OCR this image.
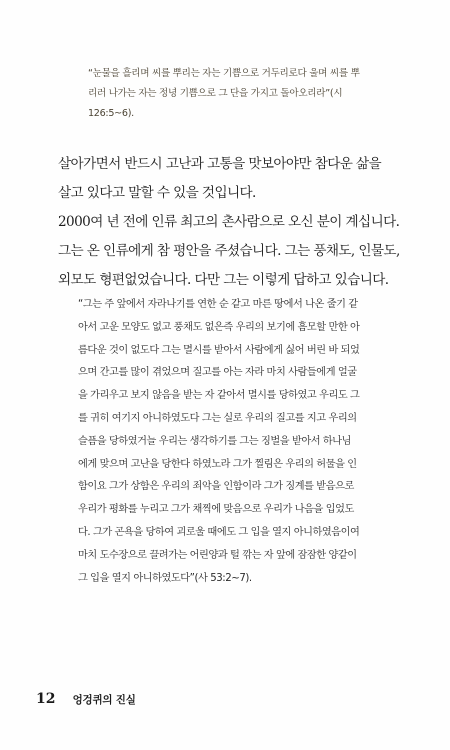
“눈물을 흘리며 씨를 뿌리는 자는 기쁨으로 거두리로다 울며 씨를 뿌
리러 나가는 자는 정녕 기쁨으로 그 단을 가지고 돌아오리라”(시
126:5~6).

살아가면서 반드시 고난과 고통을 맛보아야만 참다운 삶을

살고 있다고 말할 수 있을 것입니다.

2000여 년 전에 인류 최고의 촌사람으로 오신 분이 계십니다.

그는 온 인류에게 참 평안을 주셨습니다. 그는 풍채도, 인물도,

외모도 형편없었습니다. 다만 그는 이렇게 답하고 있습니다.

“그는 주 앞에서 자라나기를 연한 순 같고 마른 땅에서 나온 줄기 같
아서 고운 모양도 없고 풍채도 없은즉 우리의 보기에 흠모할 만한 아
름다운 것이 없도다 그는 멸시를 받아서 사람에게 싫어 버린 바 되었
으며 간고를 많이 겪었으며 질고를 아는 자라 마치 사람들에게 얼굴
을 가리우고 보지 않음을 받는 자 같아서 멸시를 당하였고 우리도 그
를 귀히 여기지 아니하였도다 그는 실로 우리의 질고를 지고 우리의
슬픔을 당하였거늘 우리는 생각하기를 그는 징벌을 받아서 하나님
에게 맞으며 고난을 당한다 하였노라 그가 찔림은 우리의 허물을 인
함이요 그가 상함은 우리의 죄악을 인함이라 그가 징계를 받음으로
우리가 평화를 누리고 그가 채찍에 맞음으로 우리가 나음을 입었도
다. 그가 곤욕을 당하여 괴로울 때에도 그 입을 열지 아니하였음이여
마치 도수장으로 끌려가는 어린양과 털 깎는 자 앞에 잠잠한 양같이
그 입을 열지 아니하였도다”(사 53:2~7).
12 엉겅퀴의 진실
